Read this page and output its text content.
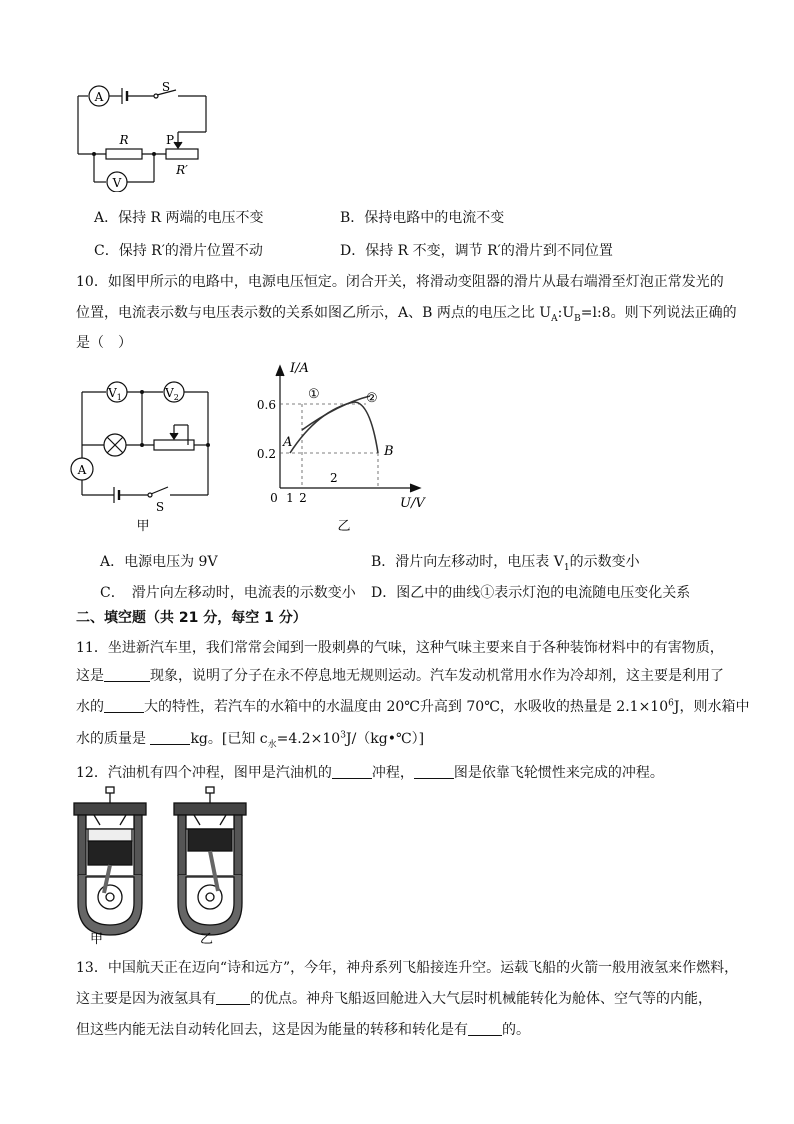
A
S
R	P
R′
V
A．保持 R 两端的电压不变	B．保持电路中的电流不变
C．保持 R′的滑片位置不动	D．保持 R 不变，调节 R′的滑片到不同位置
10．如图甲所示的电路中，电源电压恒定。闭合开关，将滑动变阻器的滑片从最右端滑至灯泡正常发光的
位置，电流表示数与电压表示数的关系如图乙所示，A、B 两点的电压之比 $U_A:U_B=l:8$。则下列说法正确的
是（　）
$V_1$	$V_2$
A
S
甲
I/A
U/V
0.6
0.2
0 1 2
①	②
A
B
2
乙
A．电源电压为 9V	B．滑片向左移动时，电压表 $V_1$的示数变小
C．　滑片向左移动时，电流表的示数变小 D．图乙中的曲线①表示灯泡的电流随电压变化关系
二、填空题（共 21 分，每空 1 分）
11．坐进新汽车里，我们常常会闻到一股刺鼻的气味，这种气味主要来自于各种装饰材料中的有害物质，
这是	现象，说明了分子在永不停息地无规则运动。汽车发动机常用水作为冷却剂，这主要是利用了
水的	大的特性，若汽车的水箱中的水温度由 20℃升高到 70℃，水吸收的热量是 $2.1\times 10^6J$，则水箱中
水的质量是	kg。[已知 $c_水=4.2\times 10^3J/(kg•℃)$]
12．汽油机有四个冲程，图甲是汽油机的	冲程，	图是依靠飞轮惯性来完成的冲程。
甲	乙
13．中国航天正在迈向“诗和远方”，今年，神舟系列飞船接连升空。运载飞船的火箭一般用液氢来作燃料，
这主要是因为液氢具有 的优点。神舟飞船返回舱进入大气层时机械能转化为舱体、空气等的内能，
但这些内能无法自动转化回去，这是因为能量的转移和转化是有 的。
